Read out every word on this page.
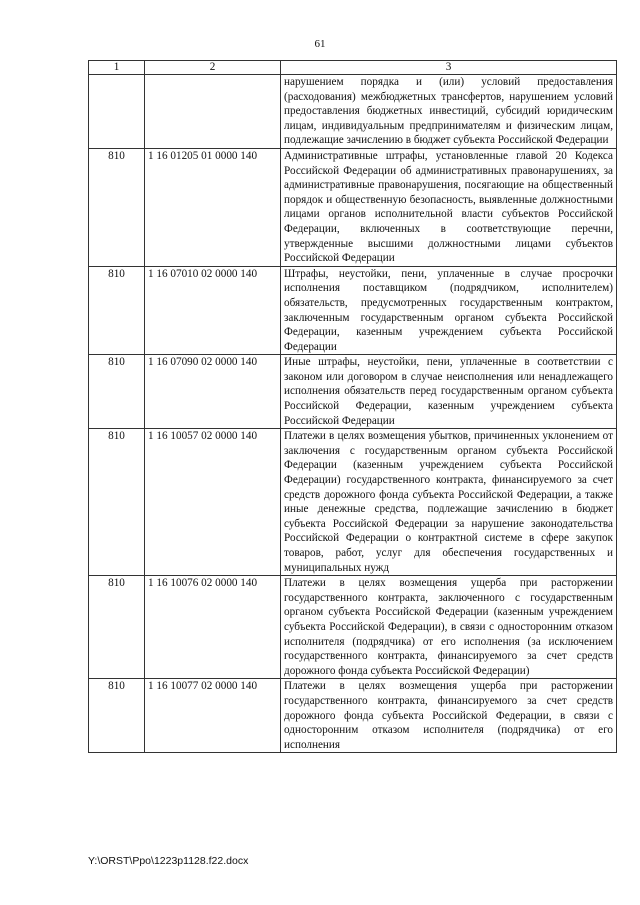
61
1	2	3
		нарушением порядка и (или) условий предоставления (расходования) межбюджетных трансфертов, нарушением условий предоставления бюджетных инвестиций, субсидий юридическим лицам, индивидуальным предпринимателям и физическим лицам, подлежащие зачислению в бюджет субъекта Российской Федерации
810	1 16 01205 01 0000 140	Административные штрафы, установленные главой 20 Кодекса Российской Федерации об административных правонарушениях, за административные правонарушения, посягающие на общественный порядок и общественную безопасность, выявленные должностными лицами органов исполнительной власти субъектов Российской Федерации, включенных в соответствующие перечни, утвержденные высшими должностными лицами субъектов Российской Федерации
810	1 16 07010 02 0000 140	Штрафы, неустойки, пени, уплаченные в случае просрочки исполнения поставщиком (подрядчиком, исполнителем) обязательств, предусмотренных государственным контрактом, заключенным государственным органом субъекта Российской Федерации, казенным учреждением субъекта Российской Федерации
810	1 16 07090 02 0000 140	Иные штрафы, неустойки, пени, уплаченные в соответствии с законом или договором в случае неисполнения или ненадлежащего исполнения обязательств перед государственным органом субъекта Российской Федерации, казенным учреждением субъекта Российской Федерации
810	1 16 10057 02 0000 140	Платежи в целях возмещения убытков, причиненных уклонением от заключения с государственным органом субъекта Российской Федерации (казенным учреждением субъекта Российской Федерации) государственного контракта, финансируемого за счет средств дорожного фонда субъекта Российской Федерации, а также иные денежные средства, подлежащие зачислению в бюджет субъекта Российской Федерации за нарушение законодательства Российской Федерации о контрактной системе в сфере закупок товаров, работ, услуг для обеспечения государственных и муниципальных нужд
810	1 16 10076 02 0000 140	Платежи в целях возмещения ущерба при расторжении государственного контракта, заключенного с государственным органом субъекта Российской Федерации (казенным учреждением субъекта Российской Федерации), в связи с односторонним отказом исполнителя (подрядчика) от его исполнения (за исключением государственного контракта, финансируемого за счет средств дорожного фонда субъекта Российской Федерации)
810	1 16 10077 02 0000 140	Платежи в целях возмещения ущерба при расторжении государственного контракта, финансируемого за счет средств дорожного фонда субъекта Российской Федерации, в связи с односторонним отказом исполнителя (подрядчика) от его исполнения
Y:\ORST\Ppo\1223p1128.f22.docx
